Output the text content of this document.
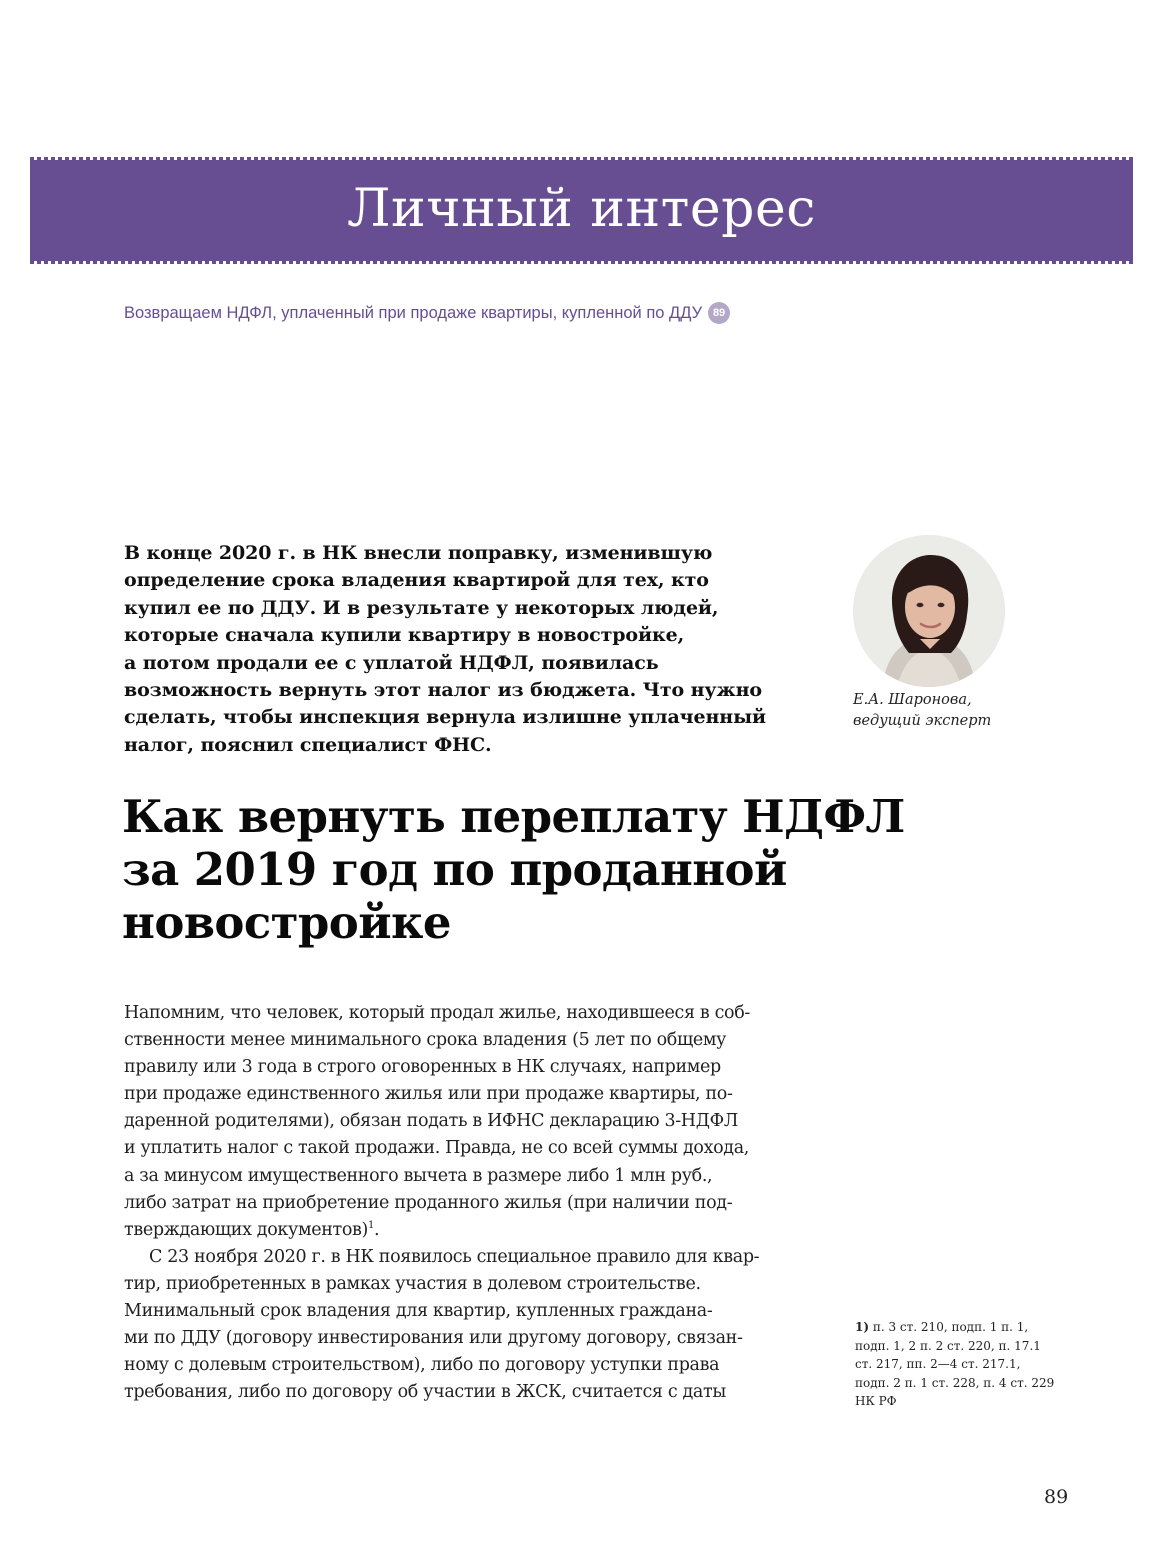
Личный интерес
Возвращаем НДФЛ, уплаченный при продаже квартиры, купленной по ДДУ 89

В конце 2020 г. в НК внесли поправку, изменившую

определение срока владения квартирой для тех, кто

купил ее по ДДУ. И в результате у некоторых людей,

которые сначала купили квартиру в новостройке,

а потом продали ее с уплатой НДФЛ, появилась

возможность вернуть этот налог из бюджета. Что нужно

сделать, чтобы инспекция вернула излишне уплаченный

налог, пояснил специалист ФНС.

Е.А. Шаронова,
ведущий эксперт
Как вернуть переплату НДФЛ
за 2019 год по проданной
новостройке
Напомним, что человек, который продал жилье, находившееся в соб-
ственности менее минимального срока владения (5 лет по общему
правилу или 3 года в строго оговоренных в НК случаях, например
при продаже единственного жилья или при продаже квартиры, по-
даренной родителями), обязан подать в ИФНС декларацию 3-НДФЛ
и уплатить налог с такой продажи. Правда, не со всей суммы дохода,
а за минусом имущественного вычета в размере либо 1 млн руб.,
либо затрат на приобретение проданного жилья (при наличии под-
тверждающих документов)$^1$.
С 23 ноября 2020 г. в НК появилось специальное правило для квар-
тир, приобретенных в рамках участия в долевом строительстве.
Минимальный срок владения для квартир, купленных граждана-
ми по ДДУ (договору инвестирования или другому договору, связан-
ному с долевым строительством), либо по договору уступки права
требования, либо по договору об участии в ЖСК, считается с даты
1) п. 3 ст. 210, подп. 1 п. 1,
подп. 1, 2 п. 2 ст. 220, п. 17.1
ст. 217, пп. 2—4 ст. 217.1,
подп. 2 п. 1 ст. 228, п. 4 ст. 229
НК РФ
89
